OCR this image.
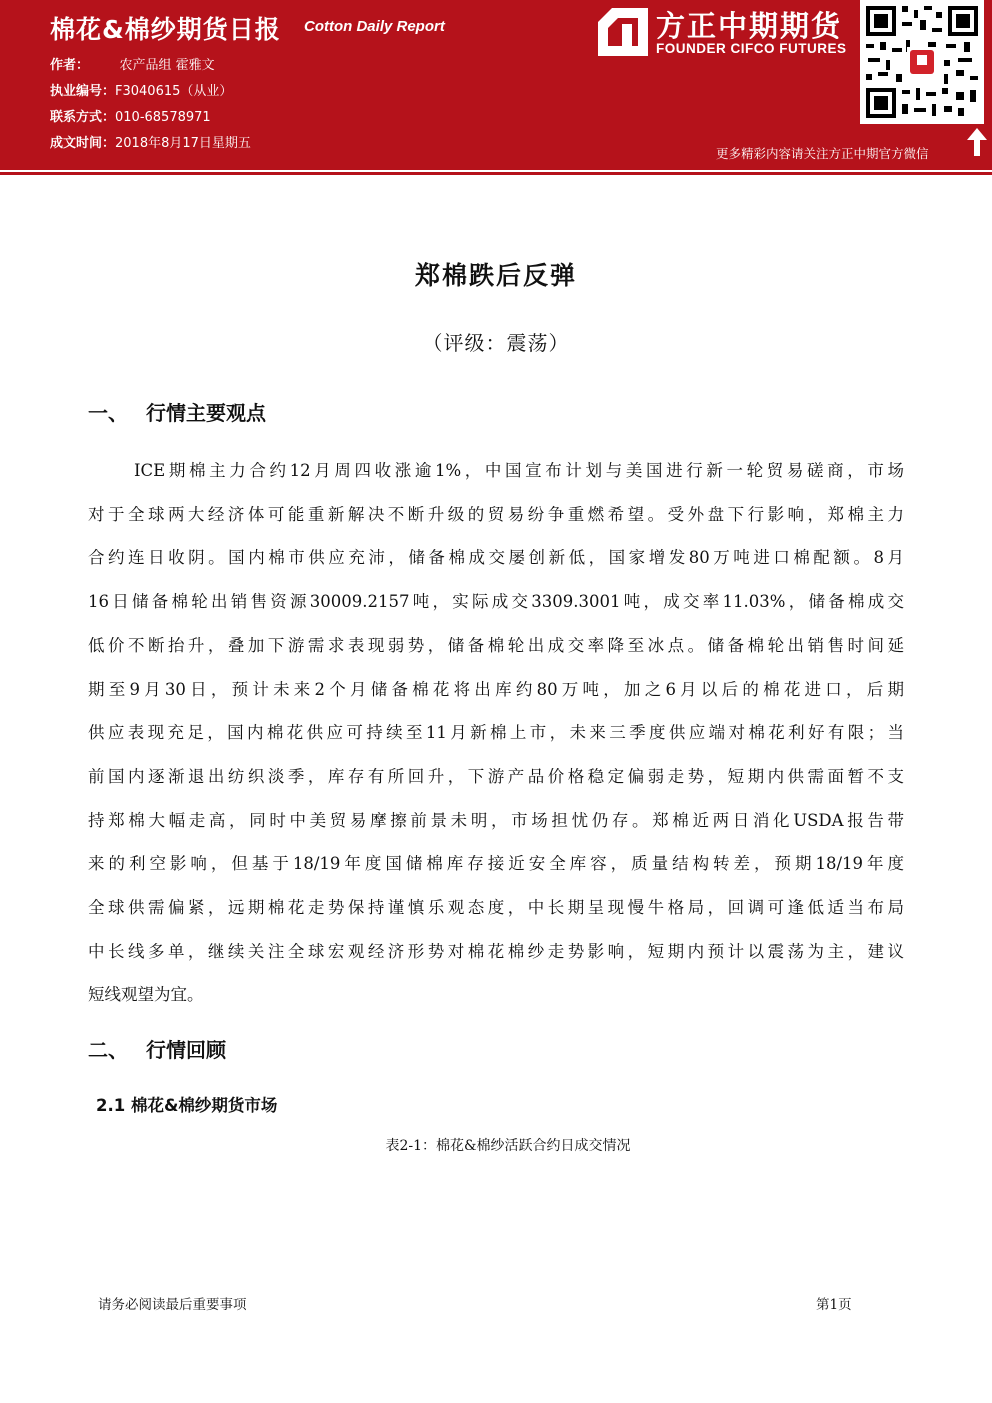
棉花&棉纱期货日报 Cotton Daily Report
作者： 农产品组 霍雅文
执业编号：F3040615（从业）
联系方式：010-68578971
成文时间：2018年8月17日星期五
方正中期期货
FOUNDER CIFCO FUTURES
更多精彩内容请关注方正中期官方微信
郑棉跌后反弹
（评级：震荡）
一、 行情主要观点
ICE期棉主力合约12月周四收涨逾1%，中国宣布计划与美国进行新一轮贸易磋商，市场
对于全球两大经济体可能重新解决不断升级的贸易纷争重燃希望。受外盘下行影响，郑棉主力
合约连日收阴。国内棉市供应充沛，储备棉成交屡创新低，国家增发80万吨进口棉配额。8月
16日储备棉轮出销售资源30009.2157吨，实际成交3309.3001吨，成交率11.03%，储备棉成交
低价不断抬升，叠加下游需求表现弱势，储备棉轮出成交率降至冰点。储备棉轮出销售时间延
期至9月30日，预计未来2个月储备棉花将出库约80万吨，加之6月以后的棉花进口，后期
供应表现充足，国内棉花供应可持续至11月新棉上市，未来三季度供应端对棉花利好有限；当
前国内逐渐退出纺织淡季，库存有所回升，下游产品价格稳定偏弱走势，短期内供需面暂不支
持郑棉大幅走高，同时中美贸易摩擦前景未明，市场担忧仍存。郑棉近两日消化USDA报告带
来的利空影响，但基于18/19年度国储棉库存接近安全库容，质量结构转差，预期18/19年度
全球供需偏紧，远期棉花走势保持谨慎乐观态度，中长期呈现慢牛格局，回调可逢低适当布局
中长线多单，继续关注全球宏观经济形势对棉花棉纱走势影响，短期内预计以震荡为主，建议
短线观望为宜。
二、 行情回顾
2.1 棉花&棉纱期货市场
表2-1：棉花&棉纱活跃合约日成交情况
请务必阅读最后重要事项	第1页
